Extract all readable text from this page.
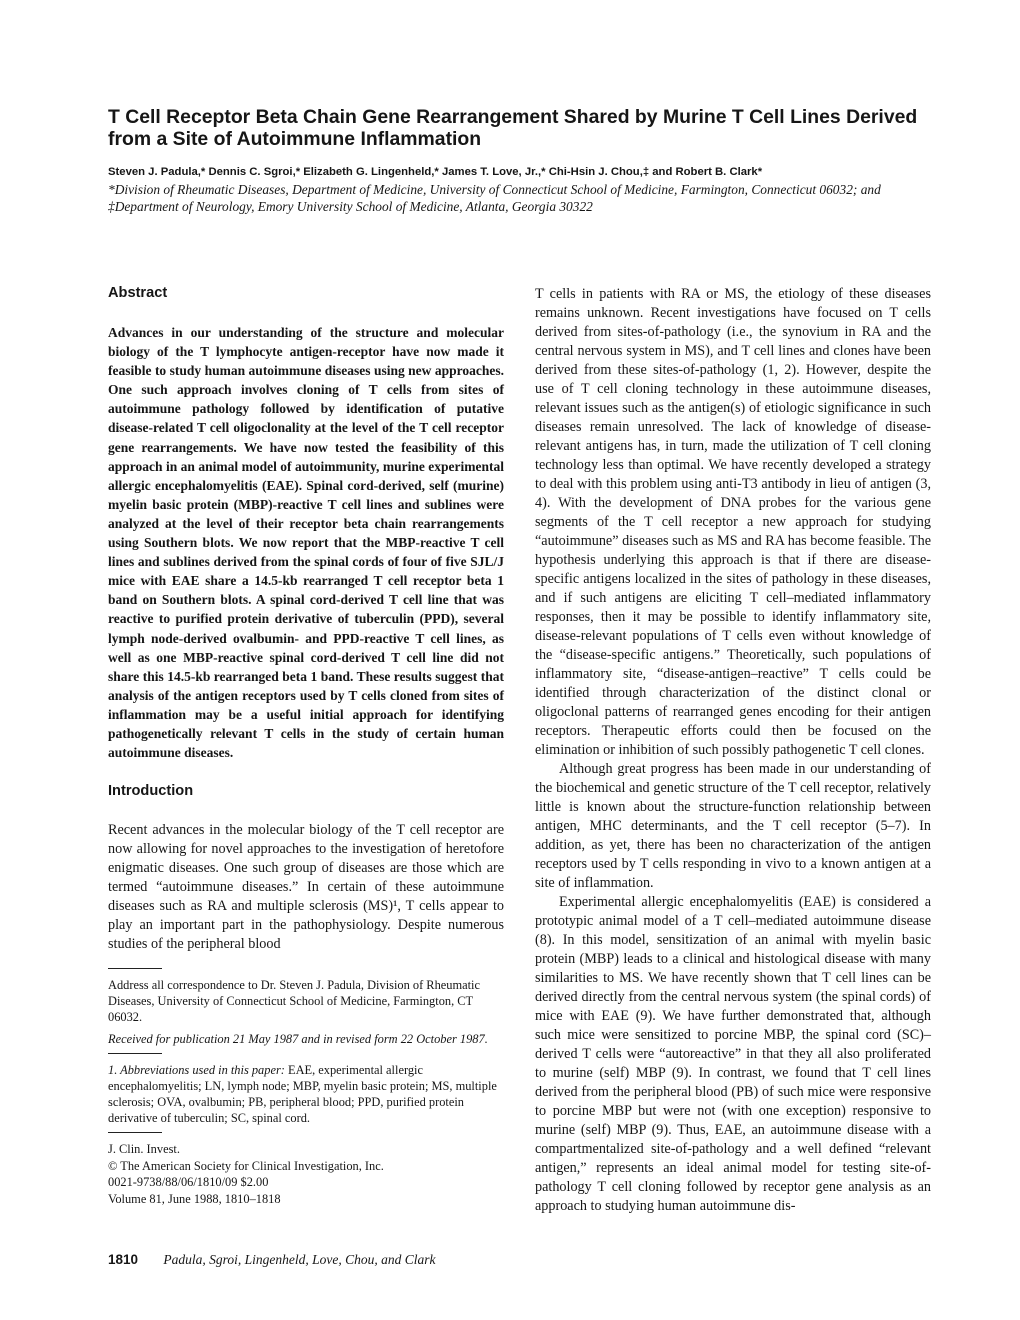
T Cell Receptor Beta Chain Gene Rearrangement Shared by Murine T Cell Lines Derived from a Site of Autoimmune Inflammation
Steven J. Padula,* Dennis C. Sgroi,* Elizabeth G. Lingenheld,* James T. Love, Jr.,* Chi-Hsin J. Chou,‡ and Robert B. Clark*
*Division of Rheumatic Diseases, Department of Medicine, University of Connecticut School of Medicine, Farmington, Connecticut 06032; and ‡Department of Neurology, Emory University School of Medicine, Atlanta, Georgia 30322
Abstract

Advances in our understanding of the structure and molecular biology of the T lymphocyte antigen-receptor have now made it feasible to study human autoimmune diseases using new approaches. One such approach involves cloning of T cells from sites of autoimmune pathology followed by identification of putative disease-related T cell oligoclonality at the level of the T cell receptor gene rearrangements. We have now tested the feasibility of this approach in an animal model of autoimmunity, murine experimental allergic encephalomyelitis (EAE). Spinal cord-derived, self (murine) myelin basic protein (MBP)-reactive T cell lines and sublines were analyzed at the level of their receptor beta chain rearrangements using Southern blots. We now report that the MBP-reactive T cell lines and sublines derived from the spinal cords of four of five SJL/J mice with EAE share a 14.5-kb rearranged T cell receptor beta 1 band on Southern blots. A spinal cord-derived T cell line that was reactive to purified protein derivative of tuberculin (PPD), several lymph node-derived ovalbumin- and PPD-reactive T cell lines, as well as one MBP-reactive spinal cord-derived T cell line did not share this 14.5-kb rearranged beta 1 band. These results suggest that analysis of the antigen receptors used by T cells cloned from sites of inflammation may be a useful initial approach for identifying pathogenetically relevant T cells in the study of certain human autoimmune diseases.

Introduction

Recent advances in the molecular biology of the T cell receptor are now allowing for novel approaches to the investigation of heretofore enigmatic diseases. One such group of diseases are those which are termed “autoimmune diseases.” In certain of these autoimmune diseases such as RA and multiple sclerosis (MS)¹, T cells appear to play an important part in the pathophysiology. Despite numerous studies of the peripheral blood

Address all correspondence to Dr. Steven J. Padula, Division of Rheumatic Diseases, University of Connecticut School of Medicine, Farmington, CT 06032.

Received for publication 21 May 1987 and in revised form 22 October 1987.

1. Abbreviations used in this paper: EAE, experimental allergic encephalomyelitis; LN, lymph node; MBP, myelin basic protein; MS, multiple sclerosis; OVA, ovalbumin; PB, peripheral blood; PPD, purified protein derivative of tuberculin; SC, spinal cord.

J. Clin. Invest.
© The American Society for Clinical Investigation, Inc.
0021-9738/88/06/1810/09 $2.00
Volume 81, June 1988, 1810–1818

T cells in patients with RA or MS, the etiology of these diseases remains unknown. Recent investigations have focused on T cells derived from sites-of-pathology (i.e., the synovium in RA and the central nervous system in MS), and T cell lines and clones have been derived from these sites-of-pathology (1, 2). However, despite the use of T cell cloning technology in these autoimmune diseases, relevant issues such as the antigen(s) of etiologic significance in such diseases remain unresolved. The lack of knowledge of disease-relevant antigens has, in turn, made the utilization of T cell cloning technology less than optimal. We have recently developed a strategy to deal with this problem using anti-T3 antibody in lieu of antigen (3, 4). With the development of DNA probes for the various gene segments of the T cell receptor a new approach for studying “autoimmune” diseases such as MS and RA has become feasible. The hypothesis underlying this approach is that if there are disease-specific antigens localized in the sites of pathology in these diseases, and if such antigens are eliciting T cell–mediated inflammatory responses, then it may be possible to identify inflammatory site, disease-relevant populations of T cells even without knowledge of the “disease-specific antigens.” Theoretically, such populations of inflammatory site, “disease-antigen–reactive” T cells could be identified through characterization of the distinct clonal or oligoclonal patterns of rearranged genes encoding for their antigen receptors. Therapeutic efforts could then be focused on the elimination or inhibition of such possibly pathogenetic T cell clones.

Although great progress has been made in our understanding of the biochemical and genetic structure of the T cell receptor, relatively little is known about the structure-function relationship between antigen, MHC determinants, and the T cell receptor (5–7). In addition, as yet, there has been no characterization of the antigen receptors used by T cells responding in vivo to a known antigen at a site of inflammation.

Experimental allergic encephalomyelitis (EAE) is considered a prototypic animal model of a T cell–mediated autoimmune disease (8). In this model, sensitization of an animal with myelin basic protein (MBP) leads to a clinical and histological disease with many similarities to MS. We have recently shown that T cell lines can be derived directly from the central nervous system (the spinal cords) of mice with EAE (9). We have further demonstrated that, although such mice were sensitized to porcine MBP, the spinal cord (SC)–derived T cells were “autoreactive” in that they all also proliferated to murine (self) MBP (9). In contrast, we found that T cell lines derived from the peripheral blood (PB) of such mice were responsive to porcine MBP but were not (with one exception) responsive to murine (self) MBP (9). Thus, EAE, an autoimmune disease with a compartmentalized site-of-pathology and a well defined “relevant antigen,” represents an ideal animal model for testing site-of-pathology T cell cloning followed by receptor gene analysis as an approach to studying human autoimmune dis-

1810 Padula, Sgroi, Lingenheld, Love, Chou, and Clark
